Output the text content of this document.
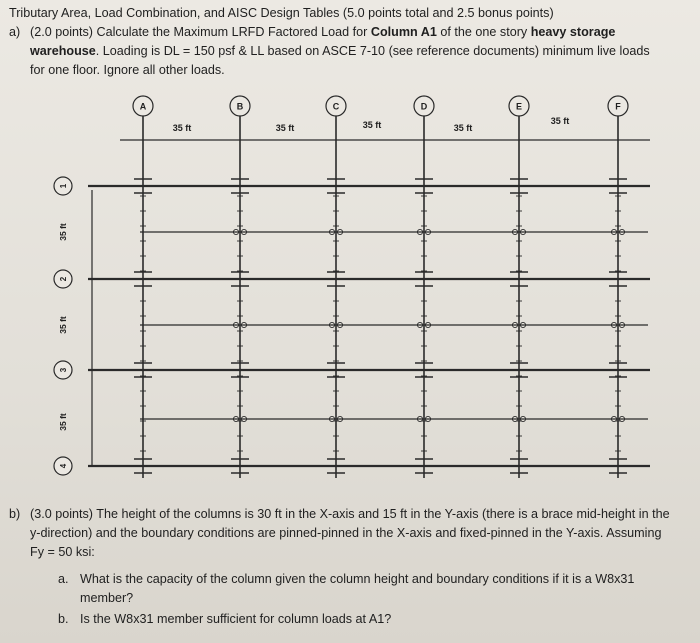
Tributary Area, Load Combination, and AISC Design Tables (5.0 points total and 2.5 bonus points)
a) (2.0 points) Calculate the Maximum LRFD Factored Load for Column A1 of the one story heavy storage warehouse. Loading is DL = 150 psf & LL based on ASCE 7-10 (see reference documents) minimum live loads for one floor. Ignore all other loads.
A	B	C	D	E	F
1
2
3
4
35 ft	35 ft	35 ft	35 ft
35 ft
35 ft
35 ft
35 ft
b) (3.0 points) The height of the columns is 30 ft in the X-axis and 15 ft in the Y-axis (there is a brace mid-height in the y-direction) and the boundary conditions are pinned-pinned in the X-axis and fixed-pinned in the Y-axis. Assuming Fy = 50 ksi:
a. What is the capacity of the column given the column height and boundary conditions if it is a W8x31 member?
b. Is the W8x31 member sufficient for column loads at A1?
